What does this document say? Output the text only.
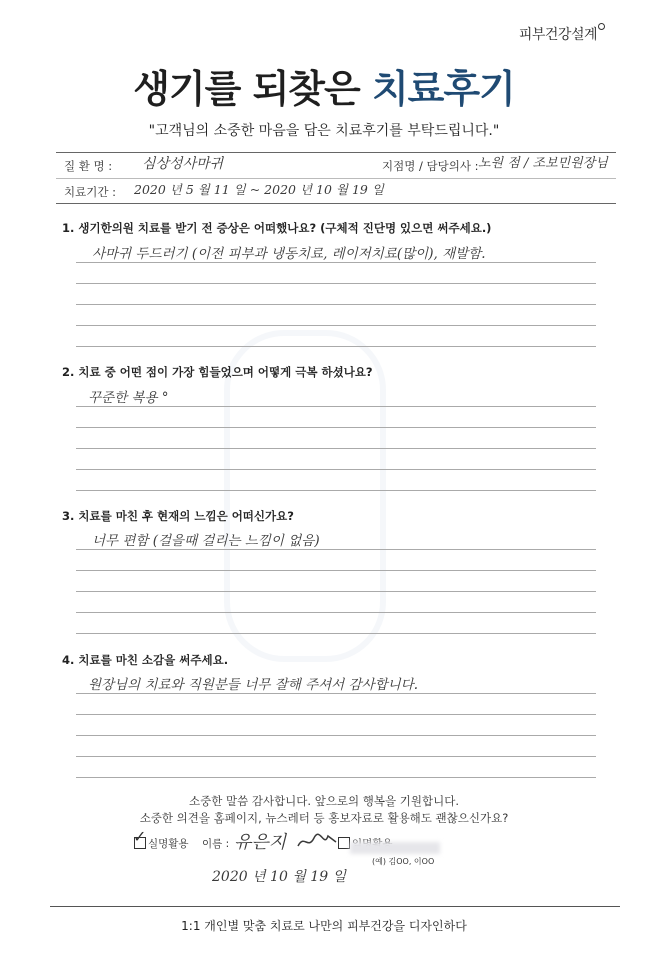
피부건강설계
생기를 되찾은 치료후기
"고객님의 소중한 마음을 담은 치료후기를 부탁드립니다."
질 환 명 : 심상성사마귀	지점명 / 담당의사 : 노원 점 / 조보민원장님
치료기간 : 2020 년 5 월 11 일 ~ 2020 년 10 월 19 일
1. 생기한의원 치료를 받기 전 증상은 어떠했나요? (구체적 진단명 있으면 써주세요.)
사마귀 두드러기 (이전 피부과 냉동치료, 레이저치료(많이), 재발함.
2. 치료 중 어떤 점이 가장 힘들었으며 어떻게 극복 하셨나요?
꾸준한 복용 °
3. 치료를 마친 후 현재의 느낌은 어떠신가요?
너무 편함 (걸을때 걸리는 느낌이 없음)
4. 치료를 마친 소감을 써주세요.
원장님의 치료와 직원분들 너무 잘해 주셔서 감사합니다.
소중한 말씀 감사합니다. 앞으로의 행복을 기원합니다.
소중한 의견을 홈페이지, 뉴스레터 등 홍보자료로 활용해도 괜찮으신가요?
✓ 실명활용 이름 : 유은지
(예) 김OO, 이OO
2020 년 10 월 19 일
1:1 개인별 맞춤 치료로 나만의 피부건강을 디자인하다
